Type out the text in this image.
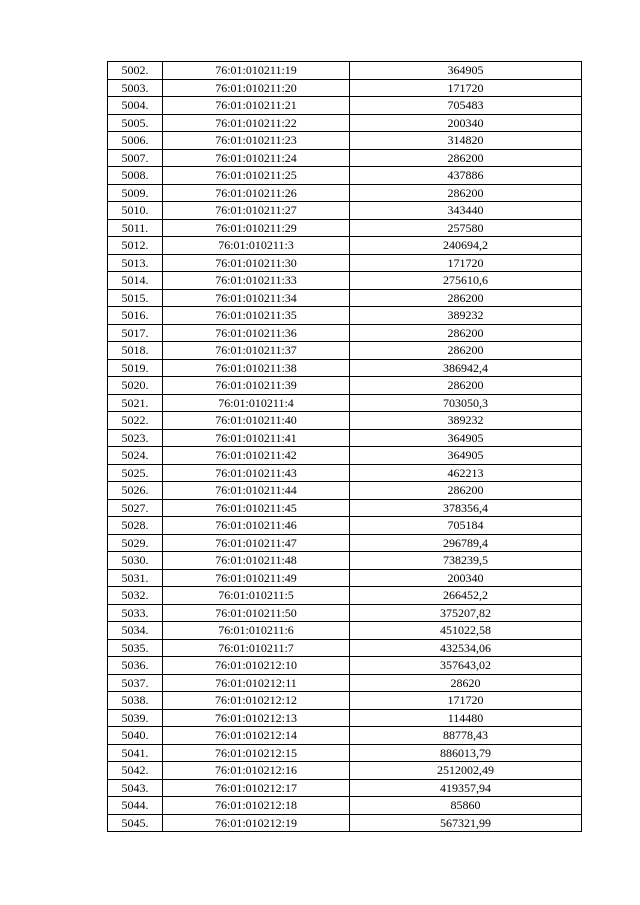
5002.	76:01:010211:19	364905
5003.	76:01:010211:20	171720
5004.	76:01:010211:21	705483
5005.	76:01:010211:22	200340
5006.	76:01:010211:23	314820
5007.	76:01:010211:24	286200
5008.	76:01:010211:25	437886
5009.	76:01:010211:26	286200
5010.	76:01:010211:27	343440
5011.	76:01:010211:29	257580
5012.	76:01:010211:3	240694,2
5013.	76:01:010211:30	171720
5014.	76:01:010211:33	275610,6
5015.	76:01:010211:34	286200
5016.	76:01:010211:35	389232
5017.	76:01:010211:36	286200
5018.	76:01:010211:37	286200
5019.	76:01:010211:38	386942,4
5020.	76:01:010211:39	286200
5021.	76:01:010211:4	703050,3
5022.	76:01:010211:40	389232
5023.	76:01:010211:41	364905
5024.	76:01:010211:42	364905
5025.	76:01:010211:43	462213
5026.	76:01:010211:44	286200
5027.	76:01:010211:45	378356,4
5028.	76:01:010211:46	705184
5029.	76:01:010211:47	296789,4
5030.	76:01:010211:48	738239,5
5031.	76:01:010211:49	200340
5032.	76:01:010211:5	266452,2
5033.	76:01:010211:50	375207,82
5034.	76:01:010211:6	451022,58
5035.	76:01:010211:7	432534,06
5036.	76:01:010212:10	357643,02
5037.	76:01:010212:11	28620
5038.	76:01:010212:12	171720
5039.	76:01:010212:13	114480
5040.	76:01:010212:14	88778,43
5041.	76:01:010212:15	886013,79
5042.	76:01:010212:16	2512002,49
5043.	76:01:010212:17	419357,94
5044.	76:01:010212:18	85860
5045.	76:01:010212:19	567321,99
